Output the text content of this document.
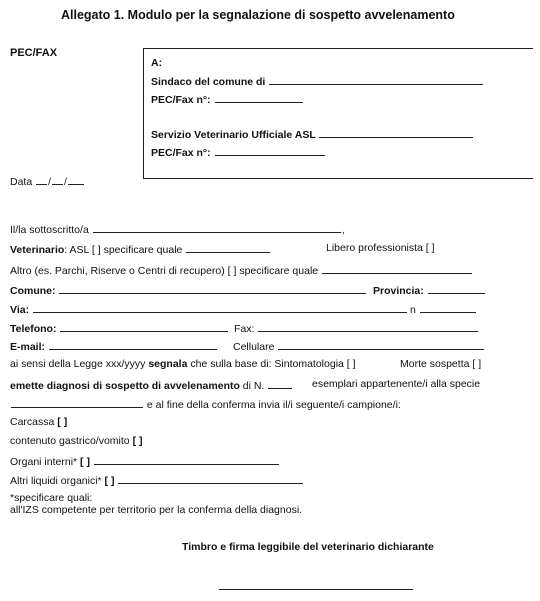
Allegato 1. Modulo per la segnalazione di sospetto avvelenamento
PEC/FAX
A:
Sindaco del comune di
PEC/Fax n°:
Servizio Veterinario Ufficiale ASL
PEC/Fax n°:
Data / /
Il/la sottoscritto/a	,
Veterinario: ASL [ ] specificare quale	Libero professionista [ ]
Altro (es. Parchi, Riserve o Centri di recupero) [ ] specificare quale
Comune:	Provincia:
Via:	n
Telefono:	Fax:
E-mail:	Cellulare
ai sensi della Legge xxx/yyyy segnala che sulla base di: Sintomatologia [ ]	Morte sospetta [ ]
emette diagnosi di sospetto di avvelenamento di N.	esemplari appartenente/i alla specie
e al fine della conferma invia il/i seguente/i campione/i:
Carcassa [ ]
contenuto gastrico/vomito [ ]
Organi interni* [ ]
Altri liquidi organici* [ ]
*specificare quali:
all'IZS competente per territorio per la conferma della diagnosi.
Timbro e firma leggibile del veterinario dichiarante
